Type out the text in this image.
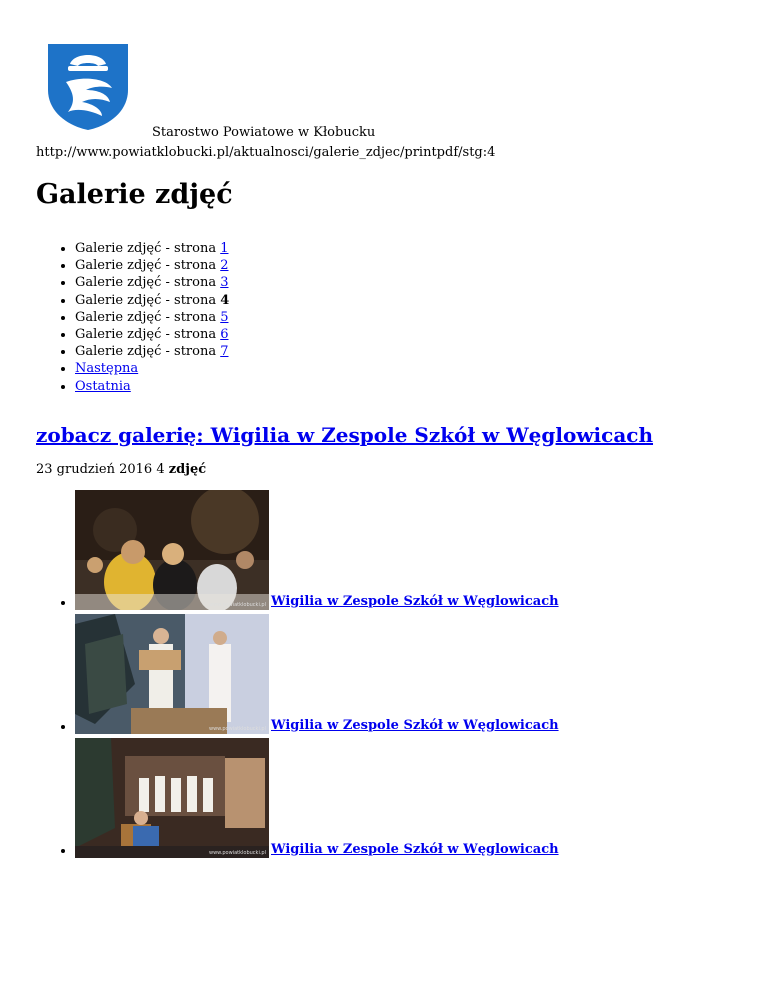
Starostwo Powiatowe w Kłobucku
http://www.powiatklobucki.pl/aktualnosci/galerie_zdjec/printpdf/stg:4
Galerie zdjęć
• Galerie zdjęć - strona 1
• Galerie zdjęć - strona 2
• Galerie zdjęć - strona 3
• Galerie zdjęć - strona 4
• Galerie zdjęć - strona 5
• Galerie zdjęć - strona 6
• Galerie zdjęć - strona 7
• Następna
• Ostatnia
zobacz galerię: Wigilia w Zespole Szkół w Węglowicach
23 grudzień 2016 4 zdjęć
• www.powiatklobucki.pl Wigilia w Zespole Szkół w Węglowicach
• www.powiatklobucki.pl Wigilia w Zespole Szkół w Węglowicach
• www.powiatklobucki.pl Wigilia w Zespole Szkół w Węglowicach
